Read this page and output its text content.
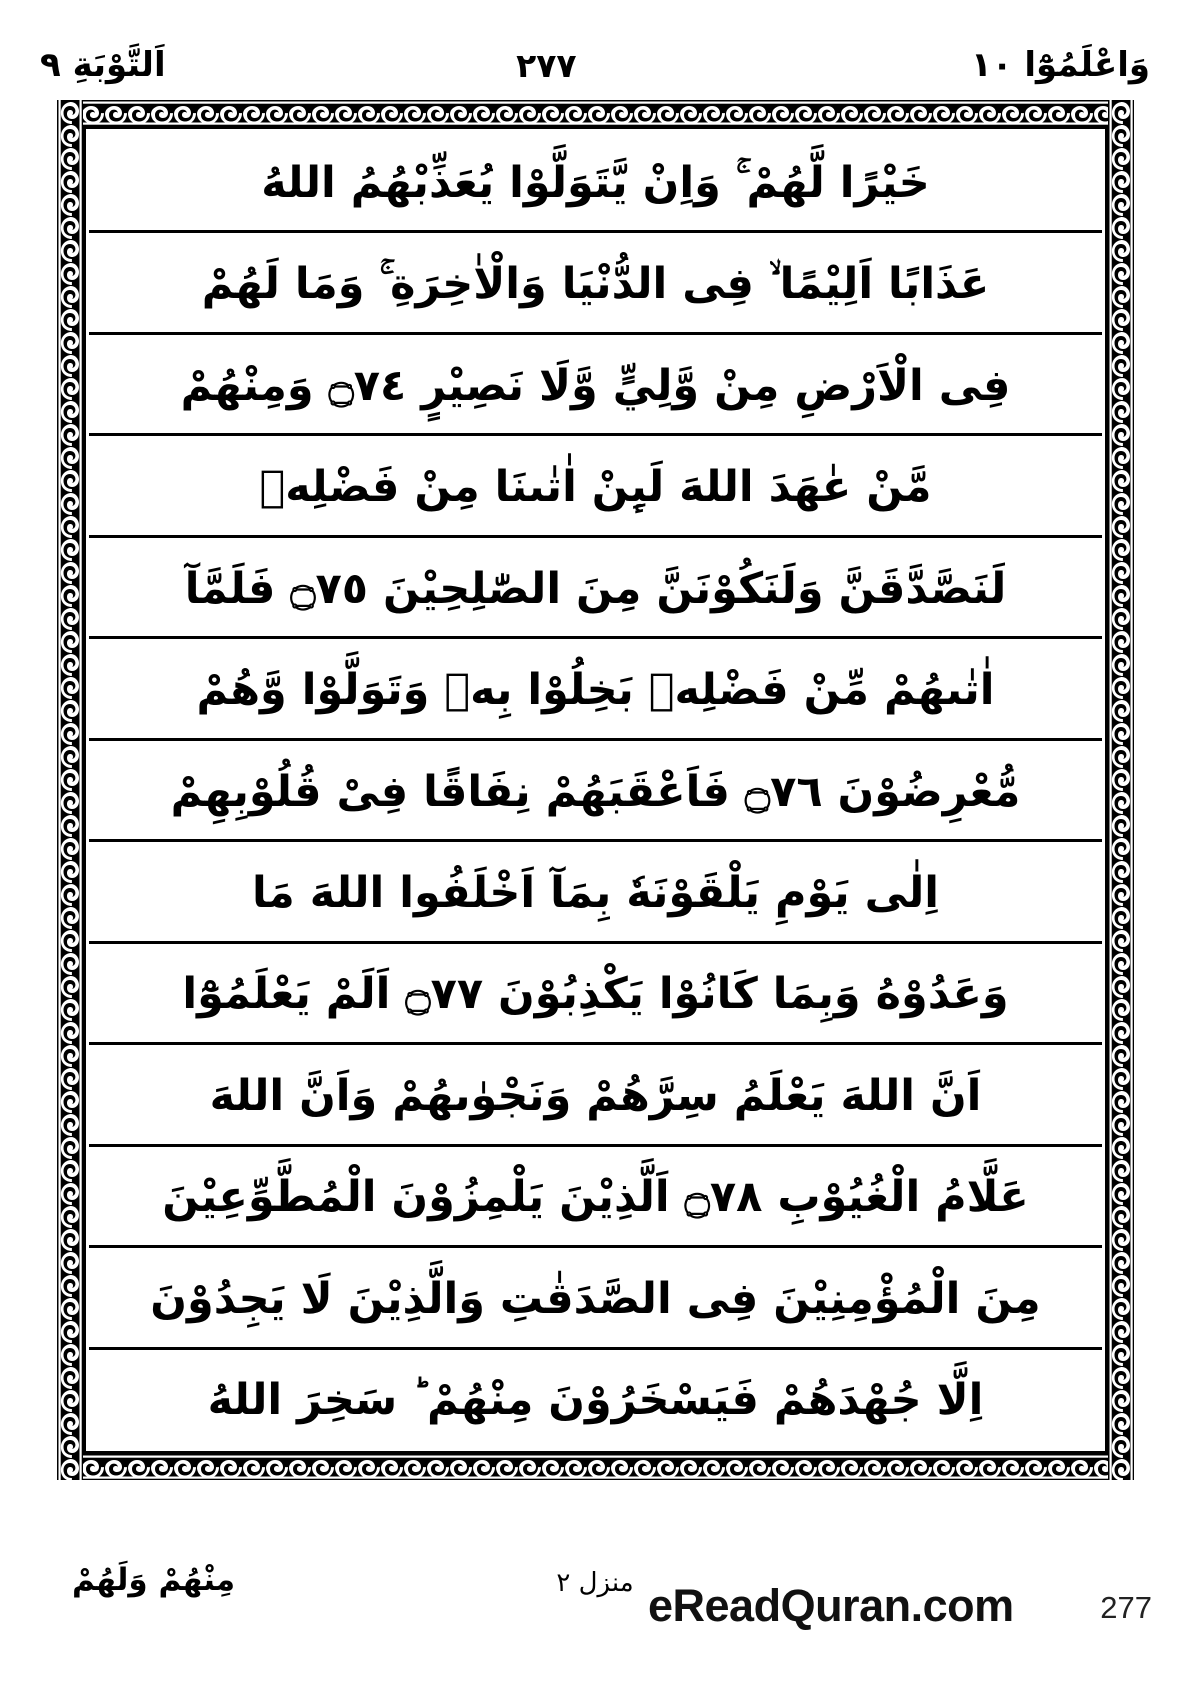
وَاعْلَمُوْٓا ١٠
٢٧٧
اَلتَّوْبَةِ ٩
خَيْرًا لَّهُمْ ۚ وَاِنْ يَّتَوَلَّوْا يُعَذِّبْهُمُ اللهُ
عَذَابًا اَلِيْمًا ۙ فِى الدُّنْيَا وَالْاٰخِرَةِ ۚ وَمَا لَهُمْ
فِى الْاَرْضِ مِنْ وَّلِيٍّ وَّلَا نَصِيْرٍ ۝٧٤ وَمِنْهُمْ
مَّنْ عٰهَدَ اللهَ لَىِٕنْ اٰتٰىنَا مِنْ فَضْلِهٖ
لَنَصَّدَّقَنَّ وَلَنَكُوْنَنَّ مِنَ الصّٰلِحِيْنَ ۝٧٥ فَلَمَّآ
اٰتٰىهُمْ مِّنْ فَضْلِهٖ بَخِلُوْا بِهٖ وَتَوَلَّوْا وَّهُمْ
مُّعْرِضُوْنَ ۝٧٦ فَاَعْقَبَهُمْ نِفَاقًا فِىْ قُلُوْبِهِمْ
اِلٰى يَوْمِ يَلْقَوْنَهٗ بِمَآ اَخْلَفُوا اللهَ مَا
وَعَدُوْهُ وَبِمَا كَانُوْا يَكْذِبُوْنَ ۝٧٧ اَلَمْ يَعْلَمُوْٓا
اَنَّ اللهَ يَعْلَمُ سِرَّهُمْ وَنَجْوٰىهُمْ وَاَنَّ اللهَ
عَلَّامُ الْغُيُوْبِ ۝٧٨ اَلَّذِيْنَ يَلْمِزُوْنَ الْمُطَّوِّعِيْنَ
مِنَ الْمُؤْمِنِيْنَ فِى الصَّدَقٰتِ وَالَّذِيْنَ لَا يَجِدُوْنَ
اِلَّا جُهْدَهُمْ فَيَسْخَرُوْنَ مِنْهُمْ ؕ سَخِرَ اللهُ
مِنْهُمْ وَلَهُمْ	منزل ٢ eReadQuran.com	277
